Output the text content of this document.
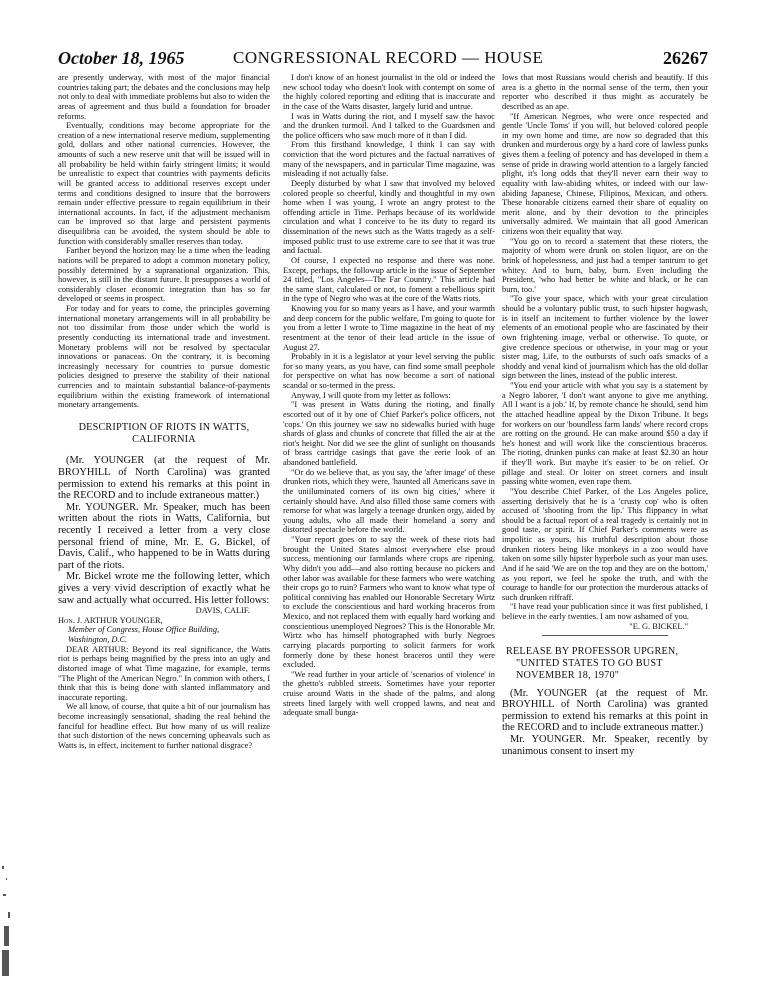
October 18, 1965	CONGRESSIONAL RECORD — HOUSE	26267

are presently underway, with most of the major financial countries taking part; the debates and the conclusions may help not only to deal with immediate problems but also to widen the areas of agreement and thus build a foundation for broader reforms.

Eventually, conditions may become appropriate for the creation of a new international reserve medium, supplementing gold, dollars and other national currencies. However, the amounts of such a new reserve unit that will be issued will in all probability be held within fairly stringent limits; it would be unrealistic to expect that countries with payments deficits will be granted access to additional reserves except under terms and conditions designed to insure that the borrowers remain under effective pressure to regain equilibrium in their international accounts. In fact, if the adjustment mechanism can be improved so that large and persistent payments disequilibria can be avoided, the system should be able to function with considerably smaller reserves than today.

Farther beyond the horizon may lie a time when the leading nations will be prepared to adopt a common monetary policy, possibly determined by a supranational organization. This, however, is still in the distant future. It presupposes a world of considerably closer economic integration than has so far developed or seems in prospect.

For today and for years to come, the principles governing international monetary arrangements will in all probability be not too dissimilar from those under which the world is presently conducting its international trade and investment. Monetary problems will not be resolved by spectacular innovations or panaceas. On the contrary, it is becoming increasingly necessary for countries to pursue domestic policies designed to preserve the stability of their national currencies and to maintain substantial balance-of-payments equilibrium within the existing framework of international monetary arrangements.

DESCRIPTION OF RIOTS IN WATTS, CALIFORNIA

(Mr. YOUNGER (at the request of Mr. BROYHILL of North Carolina) was granted permission to extend his remarks at this point in the RECORD and to include extraneous matter.)

Mr. YOUNGER. Mr. Speaker, much has been written about the riots in Watts, California, but recently I received a letter from a very close personal friend of mine, Mr. E. G. Bickel, of Davis, Calif., who happened to be in Watts during part of the riots.

Mr. Bickel wrote me the following letter, which gives a very vivid description of exactly what he saw and actually what occurred. His letter follows:

DAVIS, CALIF.

Hon. J. ARTHUR YOUNGER,

Member of Congress, House Office Building,

Washington, D.C.

DEAR ARTHUR: Beyond its real significance, the Watts riot is perhaps being magnified by the press into an ugly and distorted image of what Time magazine, for example, terms "The Plight of the American Negro." In common with others, I think that this is being done with slanted inflammatory and inaccurate reporting.

We all know, of course, that quite a bit of our journalism has become increasingly sensational, shading the real behind the fanciful for headline effect. But how many of us will realize that such distortion of the news concerning upheavals such as Watts is, in effect, incitement to further national disgrace?

I don't know of an honest journalist in the old or indeed the new school today who doesn't look with contempt on some of the highly colored reporting and editing that is inaccurate and in the case of the Watts disaster, largely lurid and untrue.

I was in Watts during the riot, and I myself saw the havoc and the drunken turmoil. And I talked to the Guardsmen and the police officers who saw much more of it than I did.

From this firsthand knowledge, I think I can say with conviction that the word pictures and the factual narratives of many of the newspapers, and in particular Time magazine, was misleading if not actually false.

Deeply disturbed by what I saw that involved my beloved colored people so cheerful, kindly and thoughtful in my own home when I was young, I wrote an angry protest to the offending article in Time. Perhaps because of its worldwide circulation and what I conceive to be its duty to regard its dissemination of the news such as the Watts tragedy as a self-imposed public trust to use extreme care to see that it was true and factual.

Of course, I expected no response and there was none. Except, perhaps, the followup article in the issue of September 24 titled, "Los Angeles—The Far Country." This article had the same slant, calculated or not, to foment a rebellious spirit in the type of Negro who was at the core of the Watts riots.

Knowing you for so many years as I have, and your warmth and deep concern for the public welfare, I'm going to quote for you from a letter I wrote to Time magazine in the heat of my resentment at the tenor of their lead article in the issue of August 27.

Probably in it is a legislator at your level serving the public for so many years, as you have, can find some small peephole for perspective on what has now become a sort of national scandal or so-termed in the press.

Anyway, I will quote from my letter as follows:

"I was present in Watts during the rioting, and finally escorted out of it by one of Chief Parker's police officers, not 'cops.' On this journey we saw no sidewalks buried with huge shards of glass and chunks of concrete that filled the air at the riot's height. Nor did we see the glint of sunlight on thousands of brass cartridge casings that gave the eerie look of an abandoned battlefield.

"Or do we believe that, as you say, the 'after image' of these drunken riots, which they were, 'haunted all Americans save in the uniiluminated corners of its own big cities,' where it certainly should have. And also filled those same corners with remorse for what was largely a teenage drunken orgy, aided by young adults, who all made their homeland a sorry and distorted spectacle before the world.

"Your report goes on to say the week of these riots had brought the United States almost everywhere else proud success, mentioning our farmlands where crops are ripening. Why didn't you add—and also rotting because no pickers and other labor was available for these farmers who were watching their crops go to ruin? Farmers who want to know what type of political conniving has enabled our Honorable Secretary Wirtz to exclude the conscientious and hard working braceros from Mexico, and not replaced them with equally hard working and conscientious unemployed Negroes? This is the Honorable Mr. Wirtz who has himself photographed with burly Negroes carrying placards purporting to solicit farmers for work formerly done by these honest braceros until they were excluded.

"We read further in your article of 'scenarios of violence' in the ghetto's rubbled streets. Sometimes have your reporter cruise around Watts in the shade of the palms, and along streets lined largely with well cropped lawns, and neat and adequate small bunga-

lows that most Russians would cherish and beautify. If this area is a ghetto in the normal sense of the term, then your reporter who described it thus might as accurately be described as an ape.

"If American Negroes, who were once respected and gentle 'Uncle Toms' if you will, but beloved colored people in my own home and time, are now so degraded that this drunken and murderous orgy by a hard core of lawless punks gives them a feeling of potency and has developed in them a sense of pride in drawing world attention to a largely fancied plight, it's long odds that they'll never earn their way to equality with law-abiding whites, or indeed with our law-abiding Japanese, Chinese, Filipinos, Mexican, and others. These honorable citizens earned their share of equality on merit alone, and by their devotion to the principles universally admired. We maintain that all good American citizens won their equality that way.

"You go on to record a statement that these rioters, the majority of whom were drunk on stolen liquor, are on the brink of hopelessness, and just had a temper tantrum to get whitey. And to burn, baby, burn. Even including the President, 'who had better be white and black, or he can burn, too.'

"To give your space, which with your great circulation should be a voluntary public trust, to such hipster hogwash, is in itself an incitement to further violence by the lower elements of an emotional people who are fascinated by their own frightening image, verbal or otherwise. To quote, or give credence specious or otherwise, in your mag or your sister mag, Life, to the outbursts of such oafs smacks of a shoddy and venal kind of journalism which has the old dollar sign between the lines, instead of the public interest.

"You end your article with what you say is a statement by a Negro laborer, 'I don't want anyone to give me anything. All I want is a job.' If, by remote chance he should, send him the attached headline appeal by the Dixon Tribune. It begs for workers on our 'boundless farm lands' where record crops are rotting on the ground. He can make around $50 a day if he's honest and will work like the conscientious braceros. The rioting, drunken punks can make at least $2.30 an hour if they'll work. But maybe it's easier to be on relief. Or pillage and steal. Or loiter on street corners and insult passing white women, even rape them.

"You describe Chief Parker, of the Los Angeles police, asserting derisively that he is a 'crusty cop' who is often accused of 'shooting from the lip.' This flippancy in what should be a factual report of a real tragedy is certainly not in good taste, or spirit. If Chief Parker's comments were as impolitic as yours, his truthful description about those drunken rioters being like monkeys in a zoo would have taken on some silly hipster hyperbole such as your man uses. And if he said 'We are on the top and they are on the bottom,' as you report, we feel he spoke the truth, and with the courage to handle for our protection the murderous attacks of such drunken riffraff.

"I have read your publication since it was first published, I believe in the early twenties. I am now ashamed of you.

"E. G. BICKEL."

RELEASE BY PROFESSOR UPGREN,
"UNITED STATES TO GO BUST
NOVEMBER 18, 1970"

(Mr. YOUNGER (at the request of Mr. BROYHILL of North Carolina) was granted permission to extend his remarks at this point in the RECORD and to include extraneous matter.)

Mr. YOUNGER. Mr. Speaker, recently by unanimous consent to insert my
